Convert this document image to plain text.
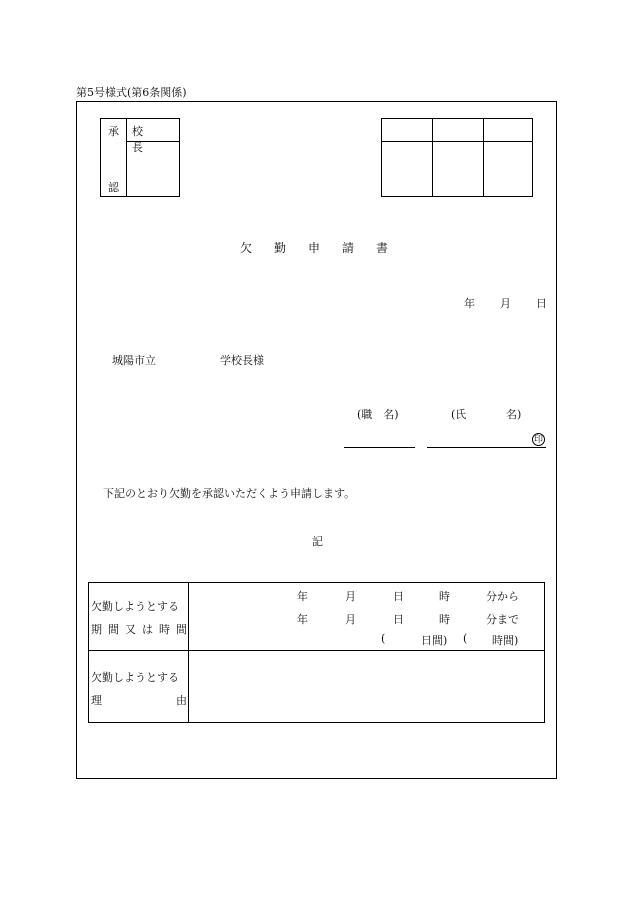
第5号様式(第6条関係)
承
認
校長
欠 勤 申 請 書
年 月 日
城陽市立	学校長様
(職　名)	(氏	名)
印
下記のとおり欠勤を承認いただくよう申請します。
記
欠勤しようとする
期 間 又 は 時 間
年	月	日	時	分から
年	月	日	時	分まで
(	日間) ( 時間)
欠勤しようとする
理	由
